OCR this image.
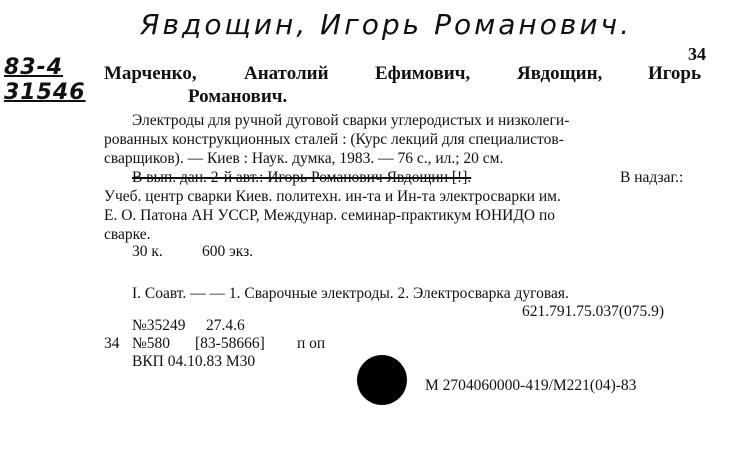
Явдощин, Игорь Романович.
83-4
31546
34
Марченко, Анатолий Ефимович, Явдощин, Игорь
Романович.
Электроды для ручной дуговой сварки углеродистых и низколеги-
рованных конструкционных сталей : (Курс лекций для специалистов-
сварщиков). — Киев : Наук. думка, 1983. — 76 с., ил.; 20 см.
В вып. дан. 2-й авт.: Игорь Романович Явдощин [!].	В надзаг.:
Учеб. центр сварки Киев. политехн. ин-та и Ин-та электросварки им.
Е. О. Патона АН УССР, Междунар. семинар-практикум ЮНИДО по
сварке.
30 к.	600 экз.
I. Соавт. — — 1. Сварочные электроды. 2. Электросварка дуговая.
621.791.75.037(075.9)
№35249 27.4.6
34 №580 [83-58666] п оп
ВКП 04.10.83 М30
М 2704060000-419/М221(04)-83
